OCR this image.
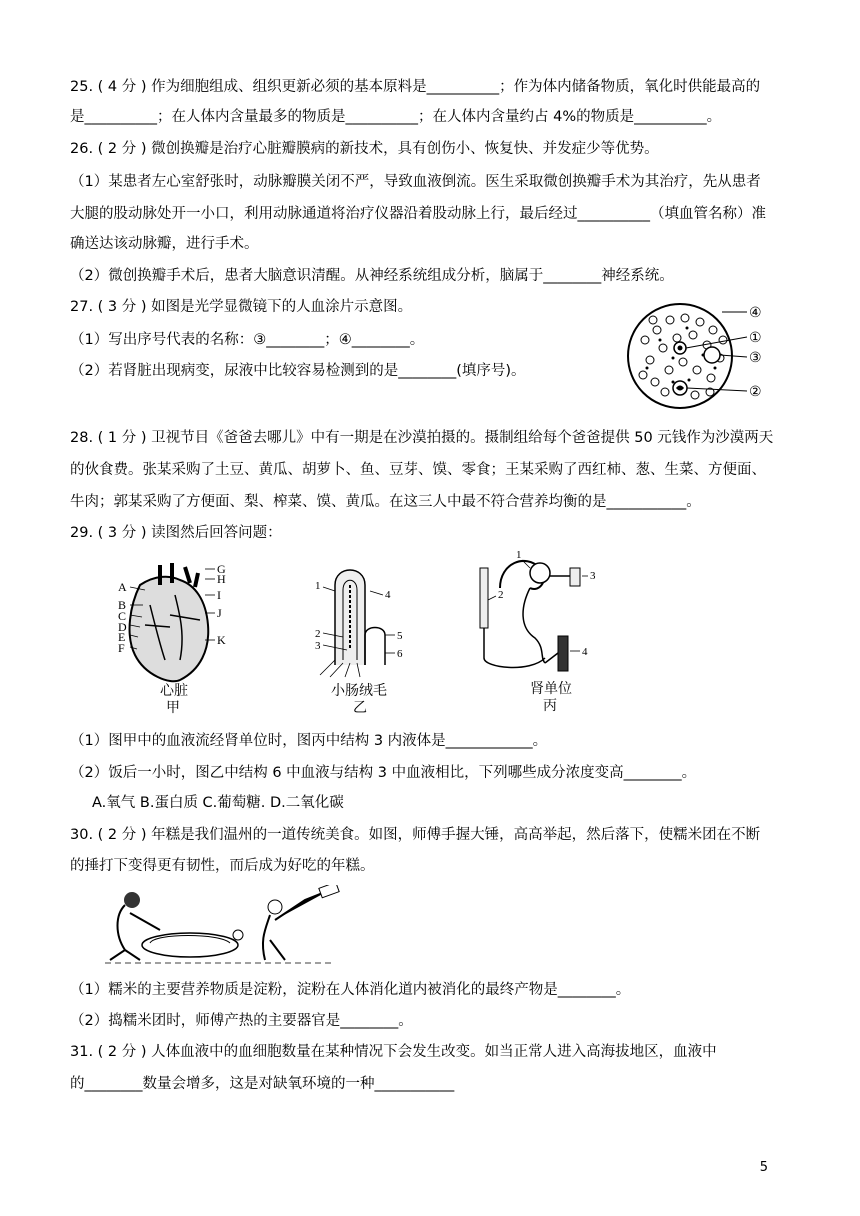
25. ( 4 分 ) 作为细胞组成、组织更新必须的基本原料是__________；作为体内储备物质，氧化时供能最高的
是__________；在人体内含量最多的物质是__________；在人体内含量约占 4%的物质是__________。
26. ( 2 分 ) 微创换瓣是治疗心脏瓣膜病的新技术，具有创伤小、恢复快、并发症少等优势。
（1）某患者左心室舒张时，动脉瓣膜关闭不严，导致血液倒流。医生采取微创换瓣手术为其治疗，先从患者
大腿的股动脉处开一小口，利用动脉通道将治疗仪器沿着股动脉上行，最后经过__________（填血管名称）准
确送达该动脉瓣，进行手术。
（2）微创换瓣手术后，患者大脑意识清醒。从神经系统组成分析，脑属于________神经系统。
27. ( 3 分 ) 如图是光学显微镜下的人血涂片示意图。
（1）写出序号代表的名称：③________；④________。
（2）若肾脏出现病变，尿液中比较容易检测到的是________(填序号)。
④
①
③
②
28. ( 1 分 ) 卫视节目《爸爸去哪儿》中有一期是在沙漠拍摄的。摄制组给每个爸爸提供 50 元钱作为沙漠两天
的伙食费。张某采购了土豆、黄瓜、胡萝卜、鱼、豆芽、馍、零食；王某采购了西红柿、葱、生菜、方便面、
牛肉；郭某采购了方便面、梨、榨菜、馍、黄瓜。在这三人中最不符合营养均衡的是___________。
29. ( 3 分 ) 读图然后回答问题：
A
B
C
D
E
F
G
H
I
J
K
心脏
甲
1
4
2
3
5
6
小肠绒毛
乙
1
3
2
4
肾单位
丙
（1）图甲中的血液流经肾单位时，图丙中结构 3 内液体是____________。
（2）饭后一小时，图乙中结构 6 中血液与结构 3 中血液相比，下列哪些成分浓度变高________。
A.氧气 B.蛋白质 C.葡萄糖. D.二氧化碳
30. ( 2 分 ) 年糕是我们温州的一道传统美食。如图，师傅手握大锤，高高举起，然后落下，使糯米团在不断
的捶打下变得更有韧性，而后成为好吃的年糕。
（1）糯米的主要营养物质是淀粉，淀粉在人体消化道内被消化的最终产物是________。
（2）捣糯米团时，师傅产热的主要器官是________。
31. ( 2 分 ) 人体血液中的血细胞数量在某种情况下会发生改变。如当正常人进入高海拔地区，血液中
的________数量会增多，这是对缺氧环境的一种___________
5
